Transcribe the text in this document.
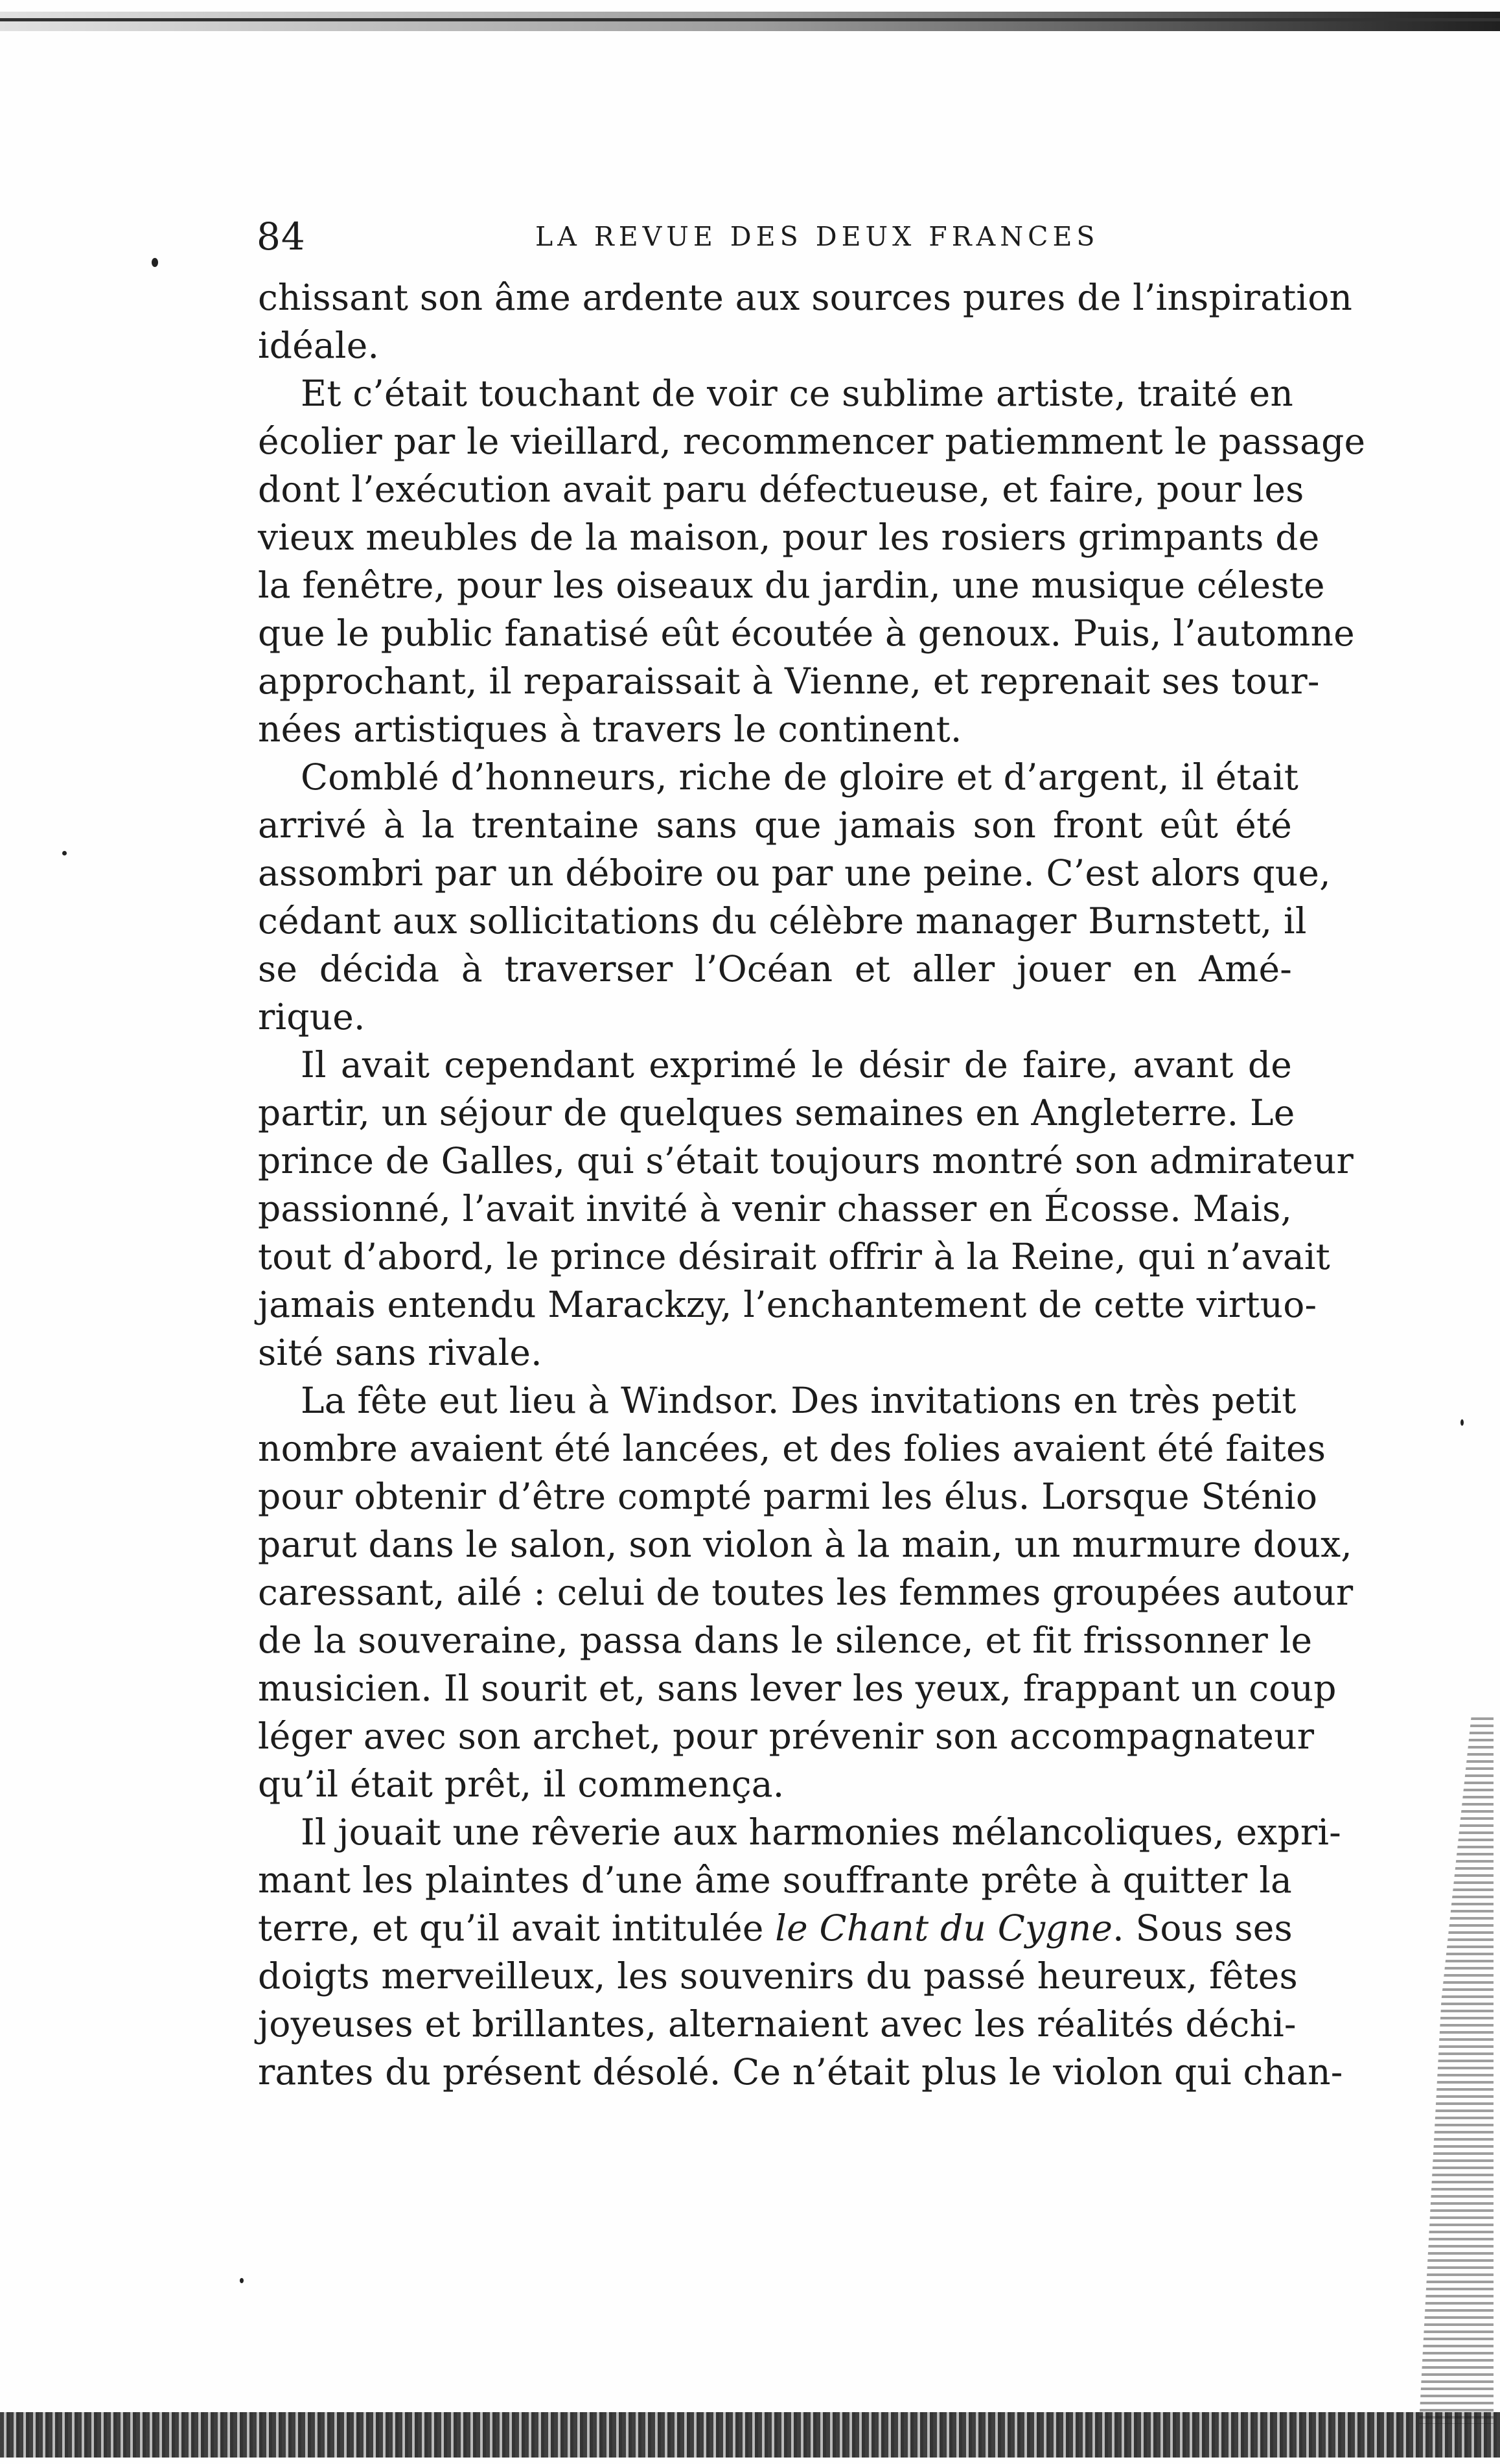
84	LA REVUE DES DEUX FRANCES
chissant son âme ardente aux sources pures de l’inspiration
idéale.
Et c’était touchant de voir ce sublime artiste, traité en
écolier par le vieillard, recommencer patiemment le passage
dont l’exécution avait paru défectueuse, et faire, pour les
vieux meubles de la maison, pour les rosiers grimpants de
la fenêtre, pour les oiseaux du jardin, une musique céleste
que le public fanatisé eût écoutée à genoux. Puis, l’automne
approchant, il reparaissait à Vienne, et reprenait ses tour-
nées artistiques à travers le continent.
Comblé d’honneurs, riche de gloire et d’argent, il était
arrivé à la trentaine sans que jamais son front eût été
assombri par un déboire ou par une peine. C’est alors que,
cédant aux sollicitations du célèbre manager Burnstett, il
se décida à traverser l’Océan et aller jouer en Amé-
rique.
Il avait cependant exprimé le désir de faire, avant de
partir, un séjour de quelques semaines en Angleterre. Le
prince de Galles, qui s’était toujours montré son admirateur
passionné, l’avait invité à venir chasser en Écosse. Mais,
tout d’abord, le prince désirait offrir à la Reine, qui n’avait
jamais entendu Marackzy, l’enchantement de cette virtuo-
sité sans rivale.
La fête eut lieu à Windsor. Des invitations en très petit
nombre avaient été lancées, et des folies avaient été faites
pour obtenir d’être compté parmi les élus. Lorsque Sténio
parut dans le salon, son violon à la main, un murmure doux,
caressant, ailé : celui de toutes les femmes groupées autour
de la souveraine, passa dans le silence, et fit frissonner le
musicien. Il sourit et, sans lever les yeux, frappant un coup
léger avec son archet, pour prévenir son accompagnateur
qu’il était prêt, il commença.
Il jouait une rêverie aux harmonies mélancoliques, expri-
mant les plaintes d’une âme souffrante prête à quitter la
terre, et qu’il avait intitulée le Chant du Cygne. Sous ses
doigts merveilleux, les souvenirs du passé heureux, fêtes
joyeuses et brillantes, alternaient avec les réalités déchi-
rantes du présent désolé. Ce n’était plus le violon qui chan-
